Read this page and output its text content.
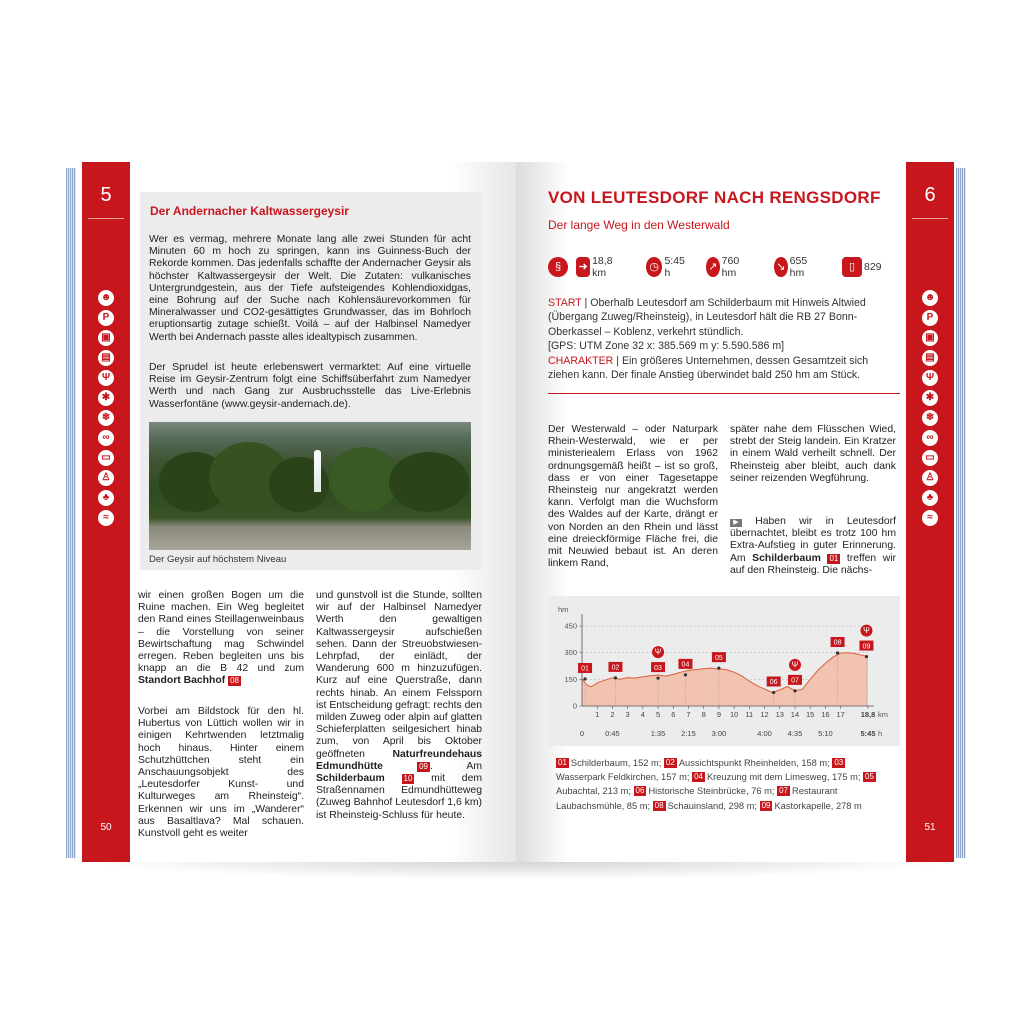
5
☻
P
▣
▤
Ψ
✱
❄
∞
▭
♙
♣
≈
50
Der Andernacher Kaltwassergeysir

Wer es vermag, mehrere Monate lang alle zwei Stunden für acht Minuten 60 m hoch zu springen, kann ins Guinness-Buch der Rekorde kommen. Das jedenfalls schaffte der Andernacher Geysir als höchster Kaltwassergeysir der Welt. Die Zutaten: vulkanisches Untergrundgestein, aus der Tiefe aufsteigendes Kohlendioxidgas, eine Bohrung auf der Suche nach Kohlensäurevorkommen für Mineralwasser und CO2-gesättigtes Grundwasser, das im Bohrloch eruptionsartig zutage schießt. Voilá – auf der Halbinsel Namedyer Werth bei Andernach passte alles idealtypisch zusammen.

Der Sprudel ist heute erlebenswert vermarktet: Auf eine virtuelle Reise im Geysir-Zentrum folgt eine Schiffsüberfahrt zum Namedyer Werth und nach Gang zur Ausbruchsstelle das Live-Erlebnis Wasserfontäne (www.geysir-andernach.de).

Der Geysir auf höchstem Niveau

wir einen großen Bogen um die Ruine machen. Ein Weg begleitet den Rand eines Steillagenweinbaus – die Vorstellung von seiner Bewirtschaftung mag Schwindel erregen. Reben begleiten uns bis knapp an die B 42 und zum Standort Bachhof 08

Vorbei am Bildstock für den hl. Hubertus von Lüttich wollen wir in einigen Kehrtwenden letztmalig hoch hinaus. Hinter einem Schutzhüttchen steht ein Anschauungsobjekt des „Leutesdorfer Kunst- und Kulturweges am Rheinsteig“. Erkennen wir uns im „Wanderer“ aus Basaltlava? Mal schauen. Kunstvoll geht es weiter

und gunstvoll ist die Stunde, sollten wir auf der Halbinsel Namedyer Werth den gewaltigen Kaltwassergeysir aufschießen sehen. Dann der Streuobstwiesen-Lehrpfad, der einlädt, der Wanderung 600 m hinzuzufügen. Kurz auf eine Querstraße, dann rechts hinab. An einem Felssporn ist Entscheidung gefragt: rechts den milden Zuweg oder alpin auf glatten Schieferplatten seilgesichert hinab zum, von April bis Oktober geöffneten Naturfreundehaus Edmundhütte	09 . Am Schilderbaum 10 mit dem Straßennamen Edmundhütteweg (Zuweg Bahnhof Leutesdorf 1,6 km) ist Rheinsteig-Schluss für heute.

6
☻
P
▣
▤
Ψ
✱
❄
∞
▭
♙
♣
≈
51
VON LEUTESDORF NACH RENGSDORF
Der lange Weg in den Westerwald
§	➜ 18,8 km	◷ 5:45 h	↗ 760 hm	↘ 655 hm	▯ 829
START | Oberhalb Leutesdorf am Schilderbaum mit Hinweis Altwied (Übergang Zuweg/Rheinsteig), in Leutesdorf hält die RB 27 Bonn-Oberkassel – Koblenz, verkehrt stündlich.
[GPS: UTM Zone 32 x: 385.569 m y: 5.590.586 m]
CHARAKTER | Ein größeres Unternehmen, dessen Gesamtzeit sich ziehen kann. Der finale Anstieg überwindet bald 250 hm am Stück.

Der Westerwald – oder Naturpark Rhein-Westerwald, wie er per ministeriealem Erlass von 1962 ordnungsgemäß heißt – ist so groß, dass er von einer Tagesetappe Rheinsteig nur angekratzt werden kann. Verfolgt man die Wuchsform des Waldes auf der Karte, drängt er von Norden an den Rhein und lässt eine dreieckförmige Fläche frei, die mit Neuwied bebaut ist. An deren linkem Rand,

später nahe dem Flüsschen Wied, strebt der Steig landein. Ein Kratzer in einem Wald verheilt schnell. Der Rheinsteig aber bleibt, auch dank seiner reizenden Wegführung.

▶ Haben wir in Leutesdorf übernachtet, bleibt es trotz 100 hm Extra-Aufstieg in guter Erinnerung. Am Schilderbaum 01 treffen wir auf den Rheinsteig. Die nächs-

0
150
300
450
hm
1 2 3 4 5 6 7 8 9 10 11 12 13 14 15 16 17 18,8 km
0	0:45	1:35 2:15 3:00	4:00 4:35 5:10	5:45 h
01	02	03
Ψ
04
05
06 07
Ψ
08
09
Ψ
01 Schilderbaum, 152 m; 02 Aussichtspunkt Rheinhelden, 158 m; 03Wasserpark Feldkirchen, 157 m; 04 Kreuzung mit dem Limesweg, 175 m; 05Aubachtal, 213 m; 06 Historische Steinbrücke, 76 m; 07 Restaurant Laubachsmühle, 85 m; 08 Schauinsland, 298 m; 09 Kastorkapelle, 278 m
